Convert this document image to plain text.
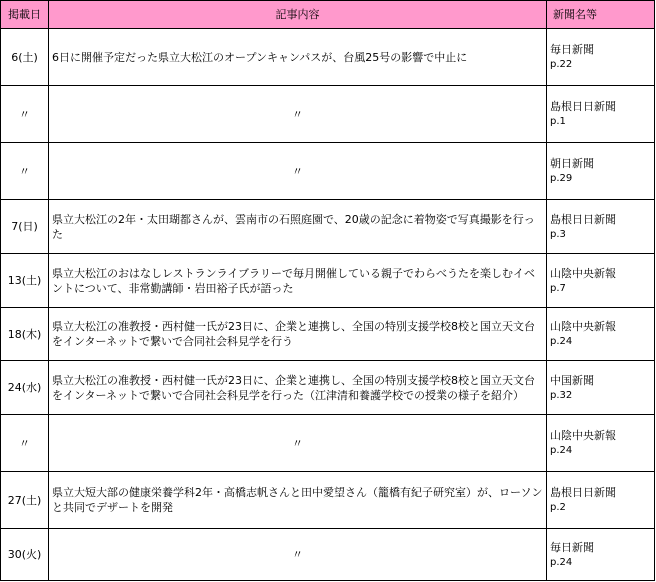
掲載日	記事内容	新聞名等
6(土)	6日に開催予定だった県立大松江のオープンキャンパスが、台風25号の影響で中止に	毎日新聞
p.22

〃	〃	島根日日新聞
p.1

〃	〃	朝日新聞
p.29

7(日)	県立大松江の2年・太田瑚都さんが、雲南市の石照庭園で、20歳の記念に着物姿で写真撮影を行った	島根日日新聞
p.3

13(土)	県立大松江のおはなしレストランライブラリーで毎月開催している親子でわらべうたを楽しむイベントについて、非常勤講師・岩田裕子氏が語った	山陰中央新報
p.7

18(木)	県立大松江の准教授・西村健一氏が23日に、企業と連携し、全国の特別支援学校8校と国立天文台をインターネットで繋いで合同社会科見学を行う	山陰中央新報
p.24

24(水)	県立大松江の准教授・西村健一氏が23日に、企業と連携し、全国の特別支援学校8校と国立天文台をインターネットで繋いで合同社会科見学を行った（江津清和養護学校での授業の様子を紹介）	中国新聞
p.32

〃	〃	山陰中央新報
p.24

27(土)	県立大短大部の健康栄養学科2年・高橋志帆さんと田中愛望さん（籠橋有紀子研究室）が、ローソンと共同でデザートを開発	島根日日新聞
p.2

30(火)	〃	毎日新聞
p.24
